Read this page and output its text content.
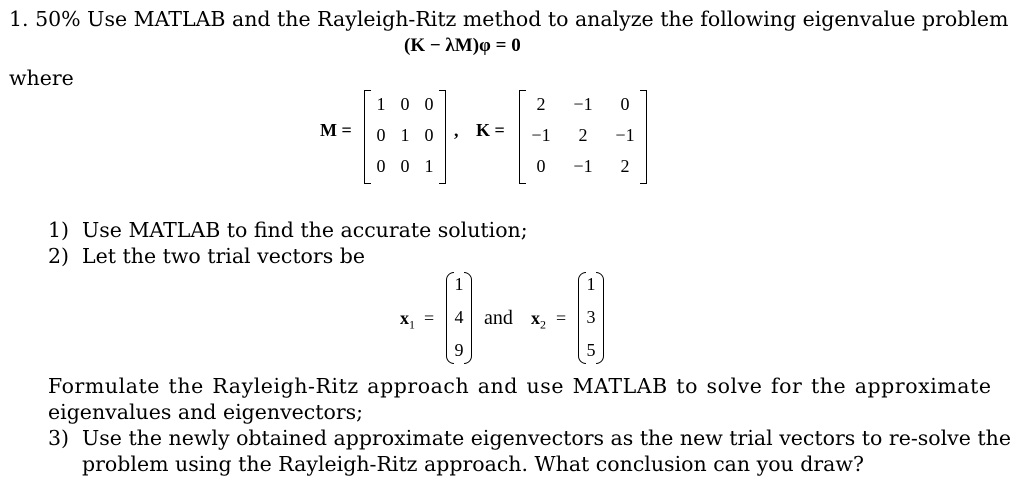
1. 50% Use MATLAB and the Rayleigh-Ritz method to analyze the following eigenvalue problem
(K − λM)φ = 0
where
M =
1 0 0
0 1 0
0 0 1
, K =
2	−1	0
−1	2	−1
0	−1	2
1) Use MATLAB to find the accurate solution;
2) Let the two trial vectors be
$x_1$ =
1
4
9
and $x_2$ =
1
3
5
Formulate the Rayleigh-Ritz approach and use MATLAB to solve for the approximate
eigenvalues and eigenvectors;
3) Use the newly obtained approximate eigenvectors as the new trial vectors to re-solve the
problem using the Rayleigh-Ritz approach. What conclusion can you draw?
